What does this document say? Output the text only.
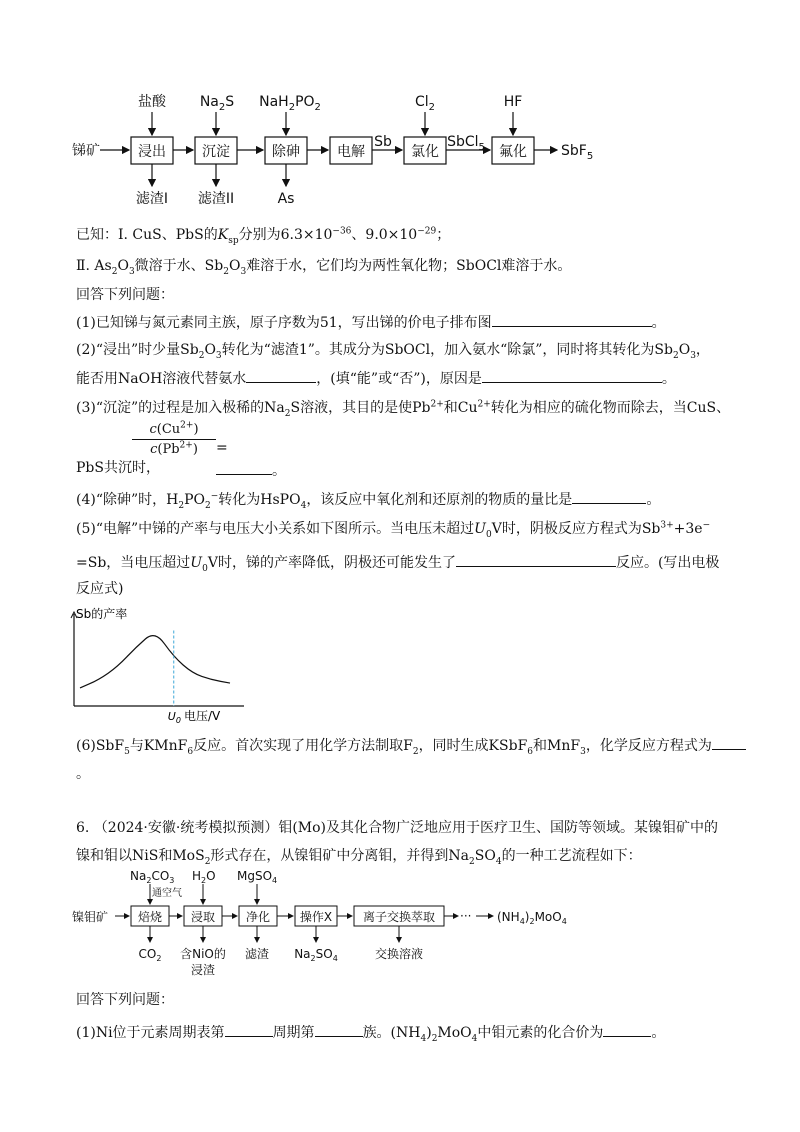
锑矿
盐酸 $Na_2S$ $NaH_2PO_2$	$Cl_2$	HF
浸出	沉淀	除砷	电解	氯化	氟化
Sb	SbCl$_5$	SbF$_5$
滤渣I 滤渣II	As
已知：Ⅰ. CuS、PbS的$K_{sp}$分别为$6.3\times 10^{-36}$、$9.0\times 10^{-29}$；
Ⅱ. $As_2O_3$微溶于水、$Sb_2O_3$难溶于水，它们均为两性氧化物；SbOCl难溶于水。
回答下列问题：
(1)已知锑与氮元素同主族，原子序数为51，写出锑的价电子排布图	。
(2)“浸出”时少量$Sb_2O_3$转化为“滤渣1”。其成分为SbOCl，加入氨水“除氯”，同时将其转化为$Sb_2O_3$，
能否用NaOH溶液代替氨水	，(填“能”或“否”)，原因是	。
(3)“沉淀”的过程是加入极稀的$Na_2S$溶液，其目的是使$Pb^{2+}$和$Cu^{2+}$转化为相应的硫化物而除去，当CuS、
$\frac{c(Cu^{2+})}{c(Pb^{2+})}$
PbS共沉时，
=
。
(4)“除砷”时，$H_2PO_2^-$转化为HsPO$_4$，该反应中氧化剂和还原剂的物质的量比是	。
(5)“电解”中锑的产率与电压大小关系如下图所示。当电压未超过$U_0V$时，阴极反应方程式为$Sb^{3+}+3e^-$
=Sb，当电压超过$U_0V$时，锑的产率降低，阴极还可能发生了	反应。(写出电极
反应式)
Sb的产率
电压/V
$U_0$
(6)SbF$_5$与KMnF$_6$反应。首次实现了用化学方法制取$F_2$，同时生成KSbF$_6$和MnF$_3$，化学反应方程式为
。
6. （2024·安徽·统考模拟预测）钼(Mo)及其化合物广泛地应用于医疗卫生、国防等领域。某镍钼矿中的
镍和钼以NiS和MoS$_2$形式存在，从镍钼矿中分离钼，并得到$Na_2SO_4$的一种工艺流程如下：
镍钼矿
$Na_2CO_3$
通空气
$H_2O$ MgSO$_4$
焙烧 浸取	净化 操作X	离子交换萃取 ··· $(NH_4)_2MoO_4$
$CO_2$ 含NiO的
浸渣
滤渣 $Na_2SO_4$	交换溶液
回答下列问题：
(1)Ni位于元素周期表第	周期第	族。$(NH_4)_2MoO_4$中钼元素的化合价为	。
